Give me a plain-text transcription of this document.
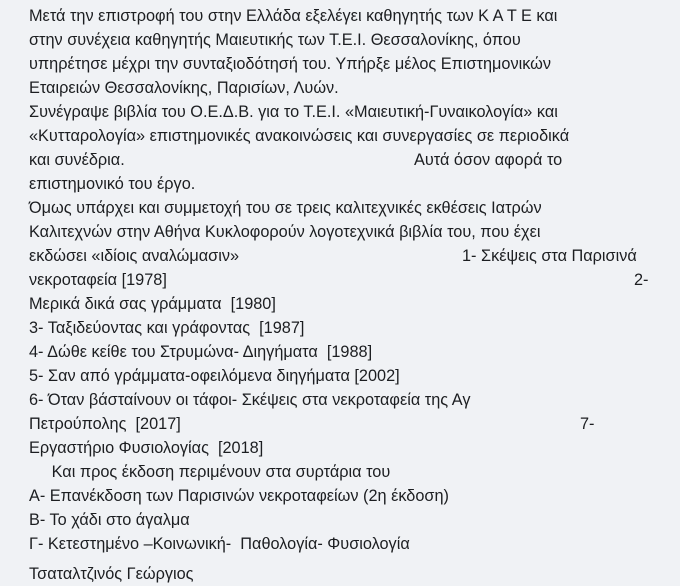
Μετά την επιστροφή του στην Ελλάδα εξελέγει καθηγητής των Κ Α Τ Ε και
στην συνέχεια καθηγητής Μαιευτικής των Τ.Ε.Ι. Θεσσαλονίκης, όπου
υπηρέτησε μέχρι την συνταξιοδότησή του. Υπήρξε μέλος Επιστημονικών
Εταιρειών Θεσσαλονίκης, Παρισίων, Λυών.
Συνέγραψε βιβλία του Ο.Ε.Δ.Β. για το Τ.Ε.Ι. «Μαιευτική-Γυναικολογία» και
«Κυτταρολογία» επιστημονικές ανακοινώσεις και συνεργασίες σε περιοδικά
και συνέδρια.	Αυτά όσον αφορά το
επιστημονικό του έργο.
Όμως υπάρχει και συμμετοχή του σε τρεις καλιτεχνικές εκθέσεις Ιατρών
Καλιτεχνών στην Αθήνα Κυκλοφορούν λογοτεχνικά βιβλία του, που έχει
εκδώσει «ιδίοις αναλώμασιν»	1- Σκέψεις στα Παρισινά
νεκροταφεία [1978]	2-
Μερικά δικά σας γράμματα  [1980]
3- Ταξιδεύοντας και γράφοντας  [1987]
4- Δώθε κείθε του Στρυμώνα- Διηγήματα  [1988]
5- Σαν από γράμματα-οφειλόμενα διηγήματα [2002]
6- Όταν βάσταίνουν οι τάφοι- Σκέψεις στα νεκροταφεία της Αγ
Πετρούπολης  [2017]	7-
Εργαστήριο Φυσιολογίας  [2018]
Και προς έκδοση περιμένουν στα συρτάρια του
Α- Επανέκδοση των Παρισινών νεκροταφείων (2η έκδοση)
Β- Το χάδι στο άγαλμα
Γ- Κετεστημένο –Κοινωνική-  Παθολογία- Φυσιολογία
Τσαταλτζινός Γεώργιος
